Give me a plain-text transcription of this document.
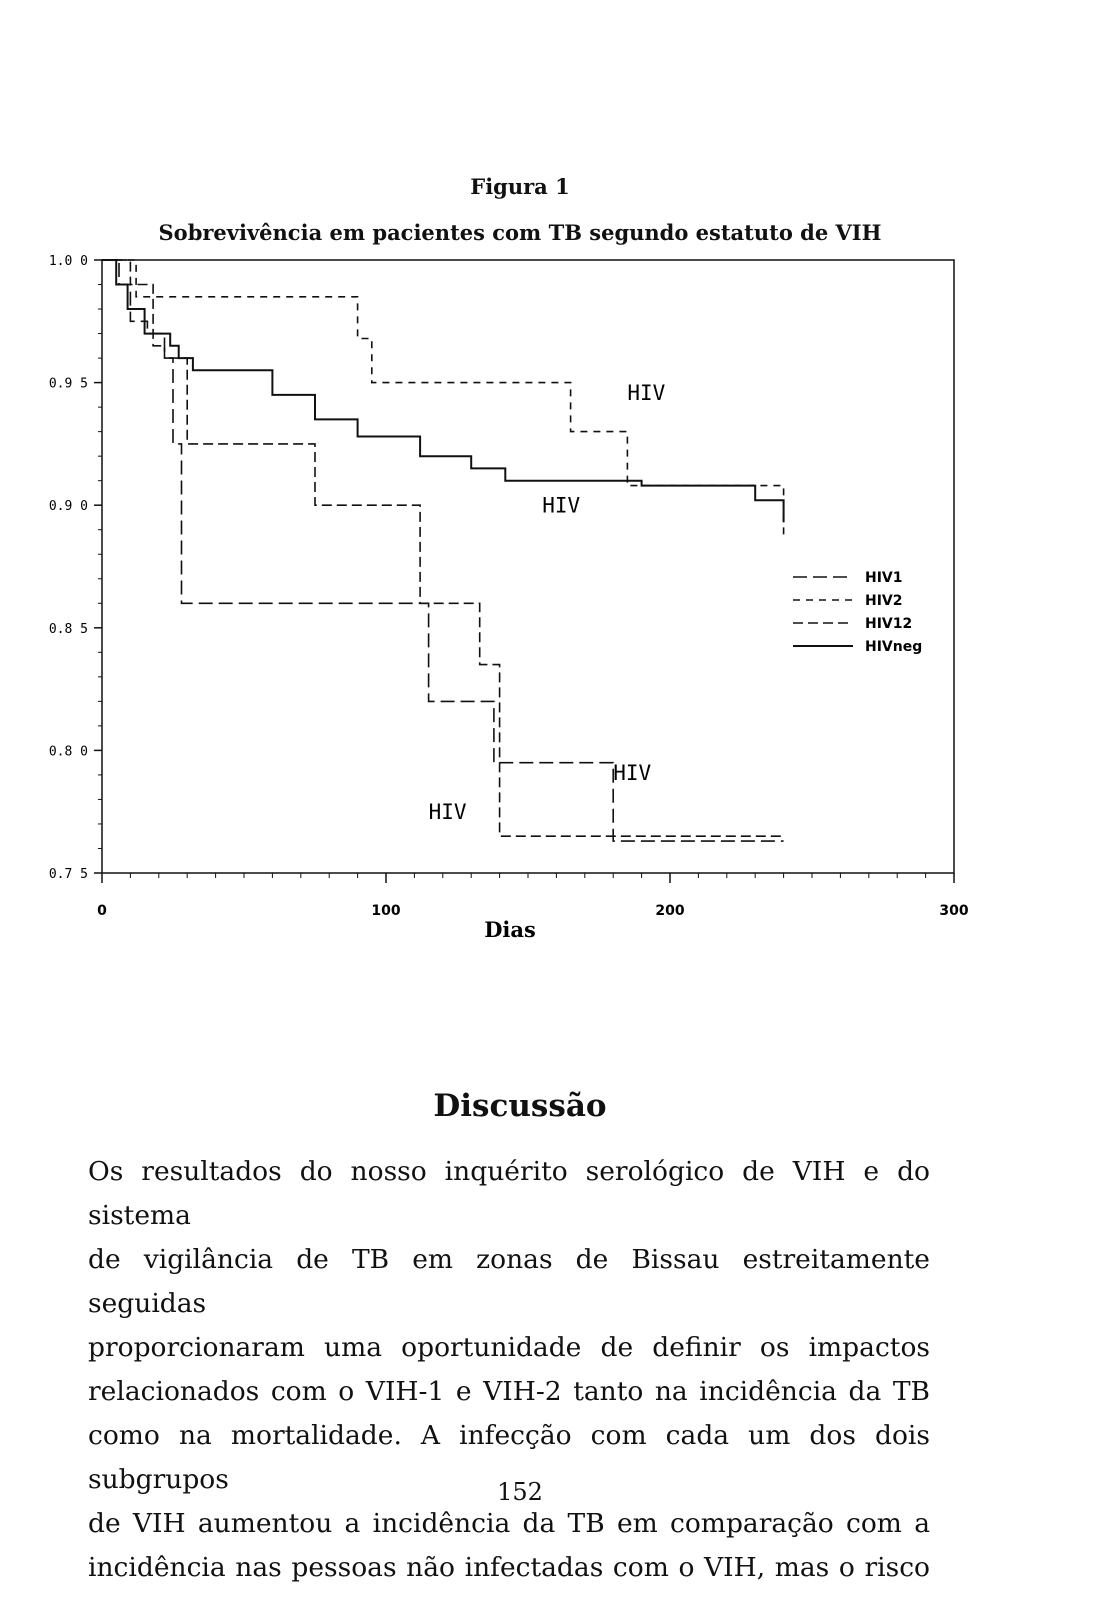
Figura 1
Sobrevivência em pacientes com TB segundo estatuto de VIH
0.7 5
0.8 0
0.8 5
0.9 0
0.9 5
1.0 0
0	100	200	300
HIV
HIV
HIV
HIV
HIV1
HIV2
HIV12
HIVneg
Dias
Discussão
Os resultados do nosso inquérito serológico de VIH e do sistema
de vigilância de TB em zonas de Bissau estreitamente seguidas
proporcionaram uma oportunidade de definir os impactos
relacionados com o VIH-1 e VIH-2 tanto na incidência da TB
como na mortalidade. A infecção com cada um dos dois subgrupos
de VIH aumentou a incidência da TB em comparação com a
incidência nas pessoas não infectadas com o VIH, mas o risco
152
